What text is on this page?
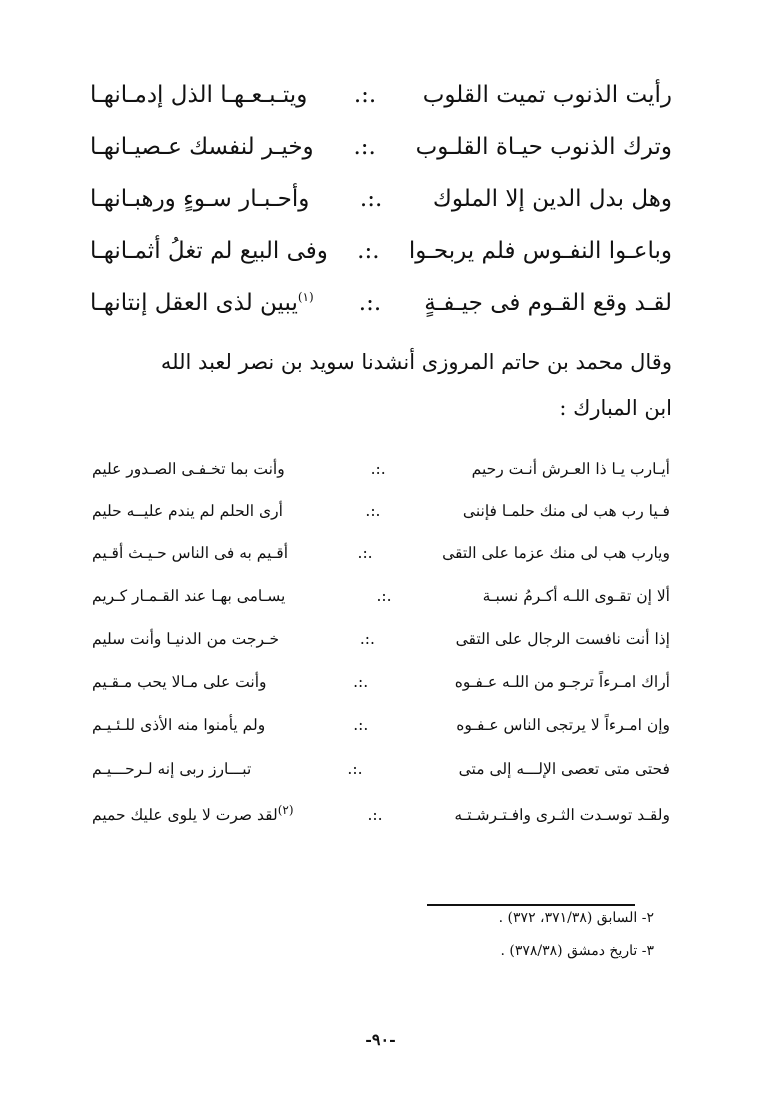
ويتـبـعـهـا الذل إدمـانهـا .:. رأيت الذنوب تميت القلوب
وخيـر لنفسك عـصيـانهـا .:. وترك الذنوب حيـاة القلـوب
وأحـبـار سـوءٍ ورهبـانهـا .:. وهل بدل الدين إلا الملوك
وفى البيع لم تغلُ أثمـانهـا .:. وباعـوا النفـوس فلم يربحـوا
$^{(١)}$يبين لذى العقل إنتانهـا	.:. لقـد وقع القـوم فى جيـفـةٍ
وقال محمد بن حاتم المروزى أنشدنا سويد بن نصر لعبد الله
ابن المبارك :
وأنت بما تخـفـى الصـدور عليم	.:.	أيـارب يـا ذا العـرش أنـت رحيم
أرى الحلم لم يندم عليــه حليم	.:.	فـيا رب هب لى منك حلمـا فإننى
أقـيم به فى الناس حـيـث أقـيم	.:.	ويارب هب لى منك عزما على التقى
يسـامى بهـا عند القـمـار كـريم	.:.	ألا إن تقـوى اللـه أكـرمُ نسبـة
خـرجت من الدنيـا وأنت سليم	.:.	إذا أنت نافست الرجال على التقى
وأنت على مـالا يحب مـقـيم	.:.	أراك امـرءاً ترجـو من اللـه عـفـوه
ولم يأمنوا منه الأذى للـئـيـم	.:.	وإن امـرءاً لا يرتجى الناس عـفـوه
تبـــارز ربى إنه لـرحـــيـم	.:.	فحتى متى تعصى الإلـــه إلى متى
$^{(٢)}$لقد صرت لا يلوى عليك حميم	.:.	ولقـد توسـدت الثـرى وافـتـرشـتـه
٢- السابق (٣٧١/٣٨، ٣٧٢) .
٣- تاريخ دمشق (٣٧٨/٣٨) .
-٩٠-
